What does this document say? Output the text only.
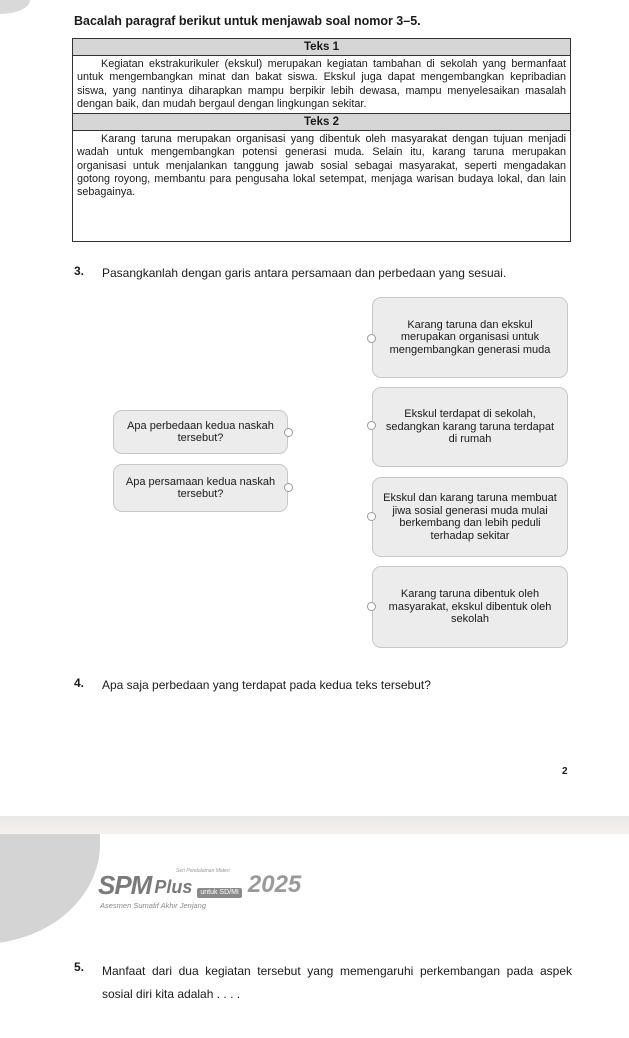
Bacalah paragraf berikut untuk menjawab soal nomor 3–5.
Teks 1
Kegiatan ekstrakurikuler (ekskul) merupakan kegiatan tambahan di sekolah yang bermanfaat untuk mengembangkan minat dan bakat siswa. Ekskul juga dapat mengembangkan kepribadian siswa, yang nantinya diharapkan mampu berpikir lebih dewasa, mampu menyelesaikan masalah dengan baik, dan mudah bergaul dengan lingkungan sekitar.
Teks 2
Karang taruna merupakan organisasi yang dibentuk oleh masyarakat dengan tujuan menjadi wadah untuk mengembangkan potensi generasi muda. Selain itu, karang taruna merupakan organisasi untuk menjalankan tanggung jawab sosial sebagai masyarakat, seperti mengadakan gotong royong, membantu para pengusaha lokal setempat, menjaga warisan budaya lokal, dan lain sebagainya.
3.	Pasangkanlah dengan garis antara persamaan dan perbedaan yang sesuai.
Apa perbedaan kedua naskah tersebut?
Apa persamaan kedua naskah tersebut?
Karang taruna dan ekskul merupakan organisasi untuk mengembangkan generasi muda
Ekskul terdapat di sekolah, sedangkan karang taruna terdapat di rumah
Ekskul dan karang taruna membuat jiwa sosial generasi muda mulai berkembang dan lebih peduli terhadap sekitar
Karang taruna dibentuk oleh masyarakat, ekskul dibentuk oleh sekolah
4.	Apa saja perbedaan yang terdapat pada kedua teks tersebut?
2
Seri Pendalaman Materi
SPM Plus	untuk SD/MI 2025
Asesmen Sumatif Akhir Jenjang
5.	Manfaat dari dua kegiatan tersebut yang memengaruhi perkembangan pada aspek sosial diri kita adalah . . . .
